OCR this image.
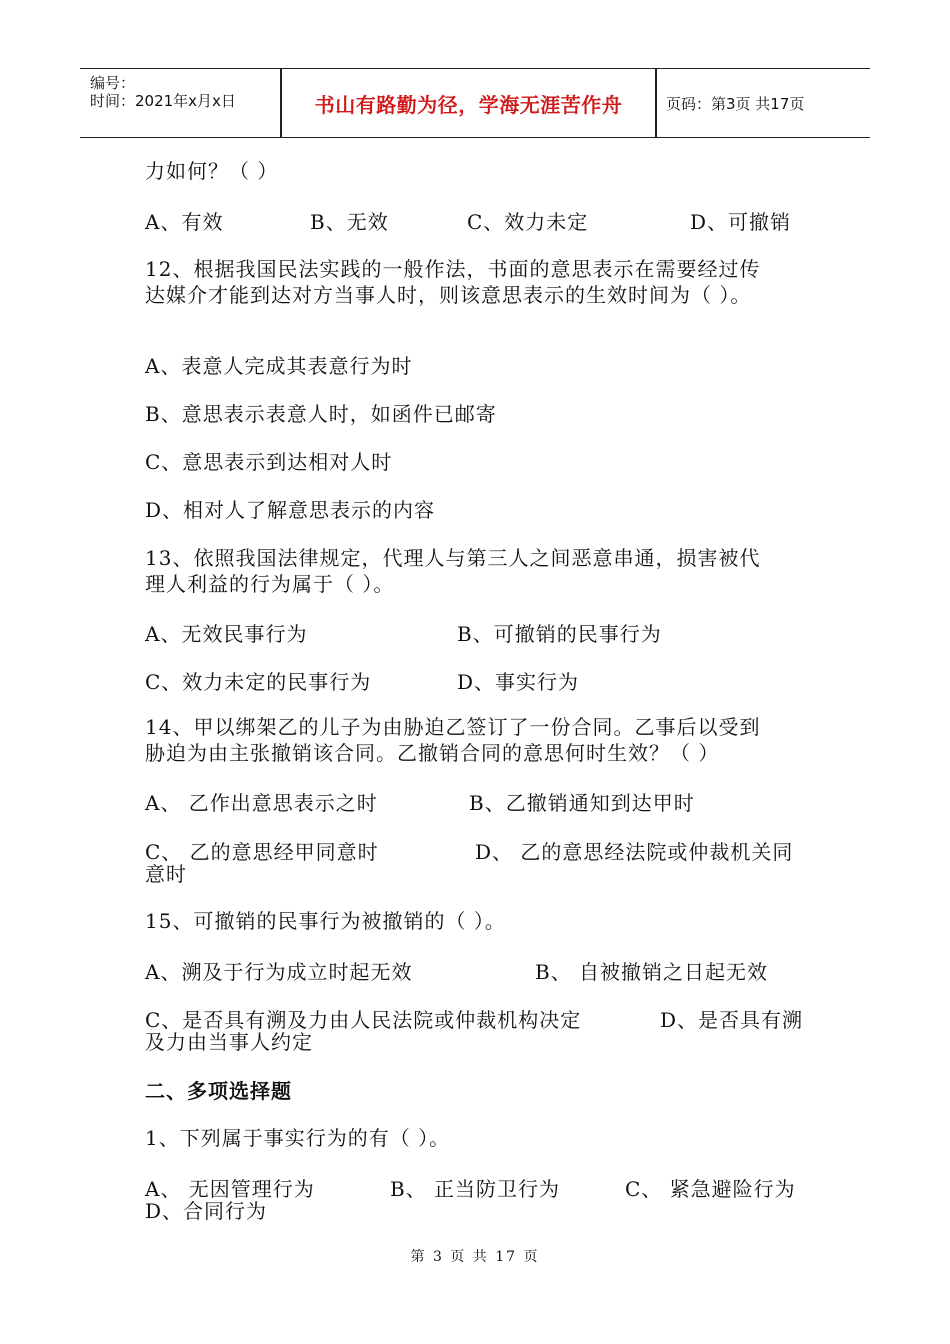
编号：
时间：2021年x月x日	书山有路勤为径，学海无涯苦作舟	页码：第3页 共17页
力如何？（ ）
A、有效	B、无效	C、效力未定	D、可撤销
12、根据我国民法实践的一般作法，书面的意思表示在需要经过传
达媒介才能到达对方当事人时，则该意思表示的生效时间为（ ）。
A、表意人完成其表意行为时
B、意思表示表意人时，如函件已邮寄
C、意思表示到达相对人时
D、相对人了解意思表示的内容
13、依照我国法律规定，代理人与第三人之间恶意串通，损害被代
理人利益的行为属于（ ）。
A、无效民事行为	B、可撤销的民事行为
C、效力未定的民事行为	D、事实行为
14、甲以绑架乙的儿子为由胁迫乙签订了一份合同。乙事后以受到
胁迫为由主张撤销该合同。乙撤销合同的意思何时生效？（ ）
A、 乙作出意思表示之时	B、乙撤销通知到达甲时
C、 乙的意思经甲同意时	D、 乙的意思经法院或仲裁机关同
意时
15、可撤销的民事行为被撤销的（ ）。
A、溯及于行为成立时起无效	B、 自被撤销之日起无效
C、是否具有溯及力由人民法院或仲裁机构决定	D、是否具有溯
及力由当事人约定
二、多项选择题
1、下列属于事实行为的有（ ）。
A、 无因管理行为	B、 正当防卫行为	C、 紧急避险行为
D、合同行为
第 3 页 共 17 页
